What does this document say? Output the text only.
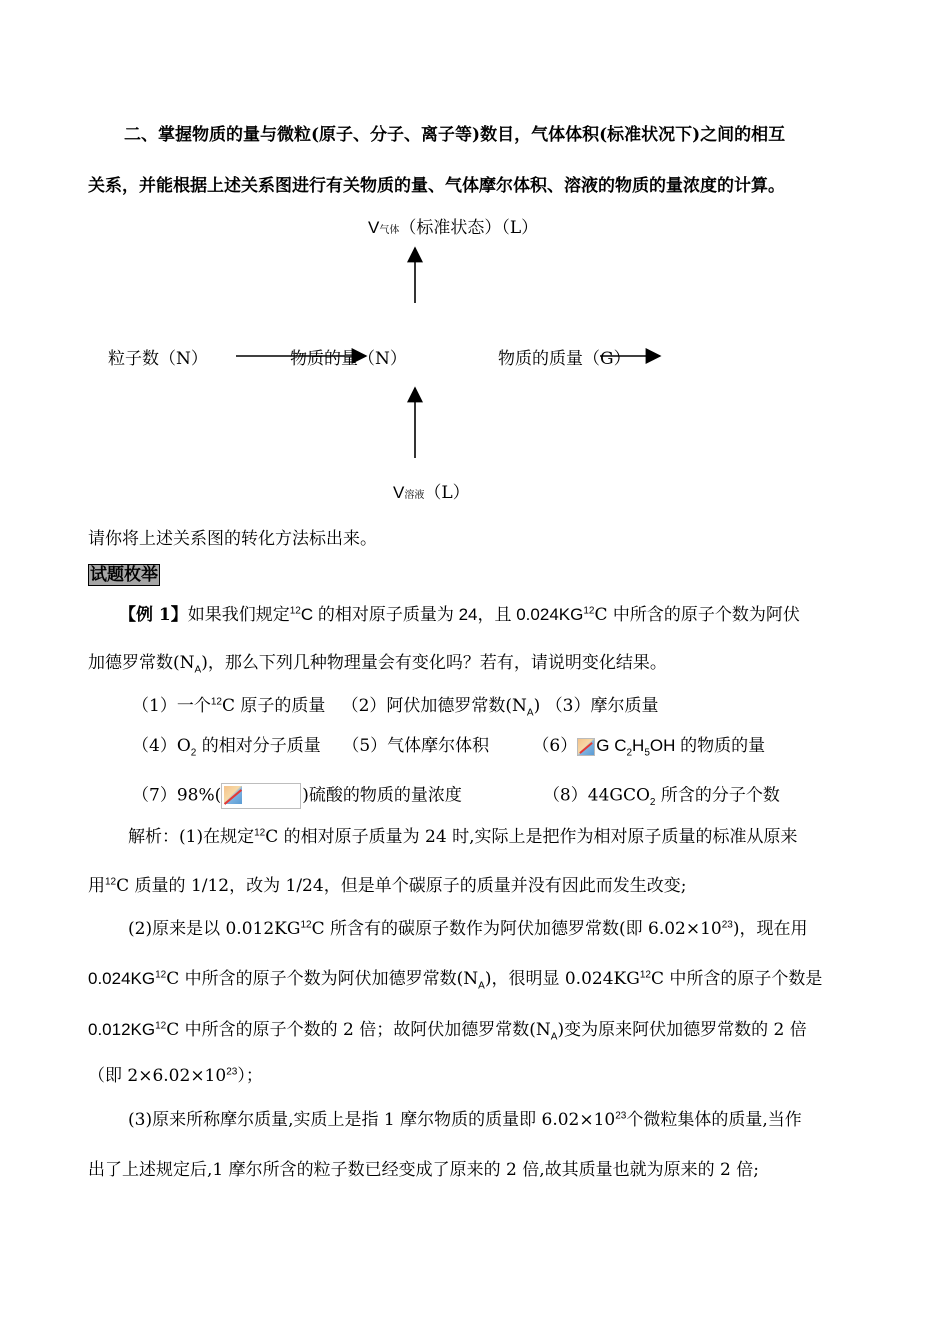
二、掌握物质的量与微粒(原子、分子、离子等)数目，气体体积(标准状况下)之间的相互
关系，并能根据上述关系图进行有关物质的量、气体摩尔体积、溶液的物质的量浓度的计算。
V气体（标准状态）（L）
粒子数（N）	物质的量（N）	物质的质量（G）
V溶液（L）
请你将上述关系图的转化方法标出来。
试题枚举
【例 1】如果我们规定$^{12}$C 的相对原子质量为 24，且 0.024KG$^{12}$C 中所含的原子个数为阿伏
加德罗常数$(N_A)$，那么下列几种物理量会有变化吗？若有，请说明变化结果。
（1）一个$^{12}$C 原子的质量 （2）阿伏加德罗常数$(N_A)$ （3）摩尔质量
$(4)O_2$ 的相对分子质量 （5）气体摩尔体积	（6） G $C_2H_5OH$ 的物质的量
（7）98%(	)硫酸的物质的量浓度	$(8)44GCO_2$ 所含的分子个数
解析：(1)在规定$^{12}$C 的相对原子质量为 24 时,实际上是把作为相对原子质量的标准从原来
用$^{12}$C 质量的 1/12，改为 1/24，但是单个碳原子的质量并没有因此而发生改变;
(2)原来是以 0.012KG$^{12}$C 所含有的碳原子数作为阿伏加德罗常数(即 $6.02\times 10^{23}$)，现在用
0.024KG$^{12}$C 中所含的原子个数为阿伏加德罗常数$(N_A)$，很明显 0.024KG$^{12}$C 中所含的原子个数是
0.012KG$^{12}$C 中所含的原子个数的 2 倍；故阿伏加德罗常数$(N_A)$变为原来阿伏加德罗常数的 2 倍
（即 $2\times 6.02\times 10^{23}$）；
(3)原来所称摩尔质量,实质上是指 1 摩尔物质的质量即 $6.02\times 10^{23}$个微粒集体的质量,当作
出了上述规定后,1 摩尔所含的粒子数已经变成了原来的 2 倍,故其质量也就为原来的 2 倍;
